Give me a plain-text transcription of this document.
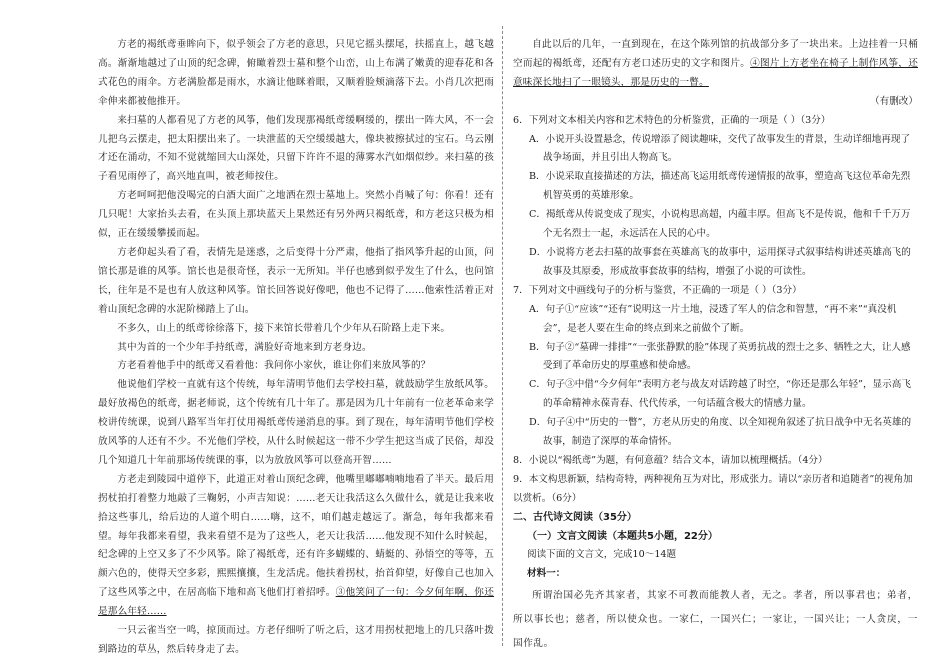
方老的褐纸鸢垂眸向下，似乎领会了方老的意思，只见它摇头摆尾，扶摇直上，越飞越高。渐渐地越过了山顶的纪念碑，俯瞰着烈士墓和整个山峦，山上布满了嫩黄的迎春花和各式花色的雨伞。方老满脸都是雨水，水滴让他眯着眼，又顺着脸颊滴落下去。小肖几次把雨伞伸来都被他推开。

来扫墓的人都看见了方老的风筝，他们发现那褐纸鸢缓啊缓的，摆出一阵大风，不一会儿把乌云摆走，把太阳摆出来了。一块泄蓝的天空缓缓越大，像块被擦拭过的宝石。乌云刚才还在涌动，不知不觉就缩回大山深处，只留下许许不退的薄雾水汽如烟似纱。来扫墓的孩子看见雨停了，高兴地直叫，被老师按住。

方老呵呵把他没喝完的白酒大面广之地洒在烈士墓地上。突然小肖喊了句：你看！还有几只呢！大家抬头去看，在头顶上那块蓝天上果然还有另外两只褐纸鸢，和方老这只极为相似，正在缓缓攀援而起。

方老仰起头看了看，表情先是迷惑，之后变得十分严肃，他指了指风筝升起的山顶，问馆长那是谁的风筝。馆长也是很奇怪，表示一无所知。半仔也感到似乎发生了什么，也问馆长，往年是不是也有人放这种风筝。馆长回答说好像吧，他也不记得了……他索性活着正对着山顶纪念碑的水泥阶梯踏上了山。

不多久，山上的纸鸢徐徐落下，接下来馆长带着几个少年从石阶路上走下来。

其中为首的一个少年手持纸鸢，满脸好奇地来到方老身边。

方老看着他手中的纸鸢又看着他：我问你小家伙，谁让你们来放风筝的？

他说他们学校一直就有这个传统，每年清明节他们去学校扫墓，就鼓励学生放纸风筝。最好放褐色的纸鸢，据老师说，这个传统有几十年了。那是因为几十年前有一位老革命来学校讲传统课，说到八路军当年打仗用褐纸鸢传递消息的事。到了现在，每年清明节他们学校放风筝的人还有不少。不光他们学校，从什么时候起这一带不少学生把这当成了民俗，却没几个知道几十年前那场传统课的事，以为放放风筝可以登高开智……

方老走到陵园中道停下，此道正对着山顶纪念碑，他嘴里嘟嘟喃喃地看了半天。最后用拐杖拍打着整力地敲了三鞠躬，小声吉知说：……老天让我活这么久做什么，就是让我来收拾这些事儿，给后边的人道个明白……嗨，这不，咱们越走越远了。渐急，每年我都来看望。每年我都来看望，我来看望不是为了这些人，老天让我活……他发现不知什么时候起，纪念碑的上空又多了不少风筝。除了褐纸鸢，还有许多蝴蝶的、蜻蜓的、孙悟空的等等，五颜六色的，使得天空多彩，熙熙攘攘，生龙活虎。他扶着拐杖，抬首仰望，好像自己也加入了这些风筝之中，在居高临下地和高飞他们打着招呼。③他笑问了一句：今夕何年啊，你还是那么年轻……

一只云雀当空一鸣，掠顶而过。方老仔细听了听之后，这才用拐杖把地上的几只落叶拨到路边的草丛，然后转身走了去。

自此以后的几年，一直到现在，在这个陈列馆的抗战部分多了一块出来。上边挂着一只桶空而起的褐纸鸢，还配有方老口述历史的文字和图片。④图片上方老坐在椅子上制作风筝，还意味深长地扫了一眼镜头，那是历史的一瞥。

（有删改）

6．下列对文本相关内容和艺术特色的分析鉴赏，正确的一项是（ ）（3分）

A．小说开头设置悬念，传说增添了阅读趣味，交代了故事发生的背景，生动详细地再现了战争场面，并且引出人物高飞。

B．小说采取直接描述的方法，描述高飞运用纸鸢传递情报的故事，塑造高飞这位革命先烈机智英勇的英雄形象。

C．褐纸鸢从传说变成了现实，小说构思高超，内蕴丰厚。但高飞不是传说，他和千千万万个无名烈士一起，永远活在人民的心中。

D．小说将方老去扫墓的故事套在英雄高飞的故事中，运用探寻式叙事结构讲述英雄高飞的故事及其原委，形成故事套故事的结构，增强了小说的可读性。

7．下列对文中画线句子的分析与鉴赏，不正确的一项是（ ）（3分）

A．句子①“应该”“还有”说明这一片土地，浸透了军人的信念和智慧，“再不来”“真没机会”，是老人要在生命的终点到来之前做个了断。

B．句子②“墓碑一排排”“一张张静默的脸”体现了英勇抗战的烈士之多、牺牲之大，让人感受到了革命历史的厚重感和使命感。

C．句子③中借“今夕何年”表明方老与战友对话跨越了时空，“你还是那么年轻”，显示高飞的革命精神永葆青春、代代传承，一句话蕴含极大的情感力量。

D．句子④中“历史的一瞥”，方老从历史的角度、以全知视角叙述了抗日战争中无名英雄的故事，制造了深厚的革命情怀。

8．小说以“褐纸鸢”为题，有何意蕴？结合文本，请加以梳理概括。（4分）

9．本文构思新颖，结构奇特，两种视角互为对比，形成张力。请以“亲历者和追随者”的视角加以赏析。（6分）

二、古代诗文阅读（35分）

（一）文言文阅读（本题共5小题，22分）

阅读下面的文言文，完成10～14题

材料一：

所谓治国必先齐其家者，其家不可教而能教人者，无之。孝者，所以事君也；弟者，所以事长也；慈者，所以使众也。一家仁，一国兴仁；一家让，一国兴让；一人贪戾，一国作乱。
